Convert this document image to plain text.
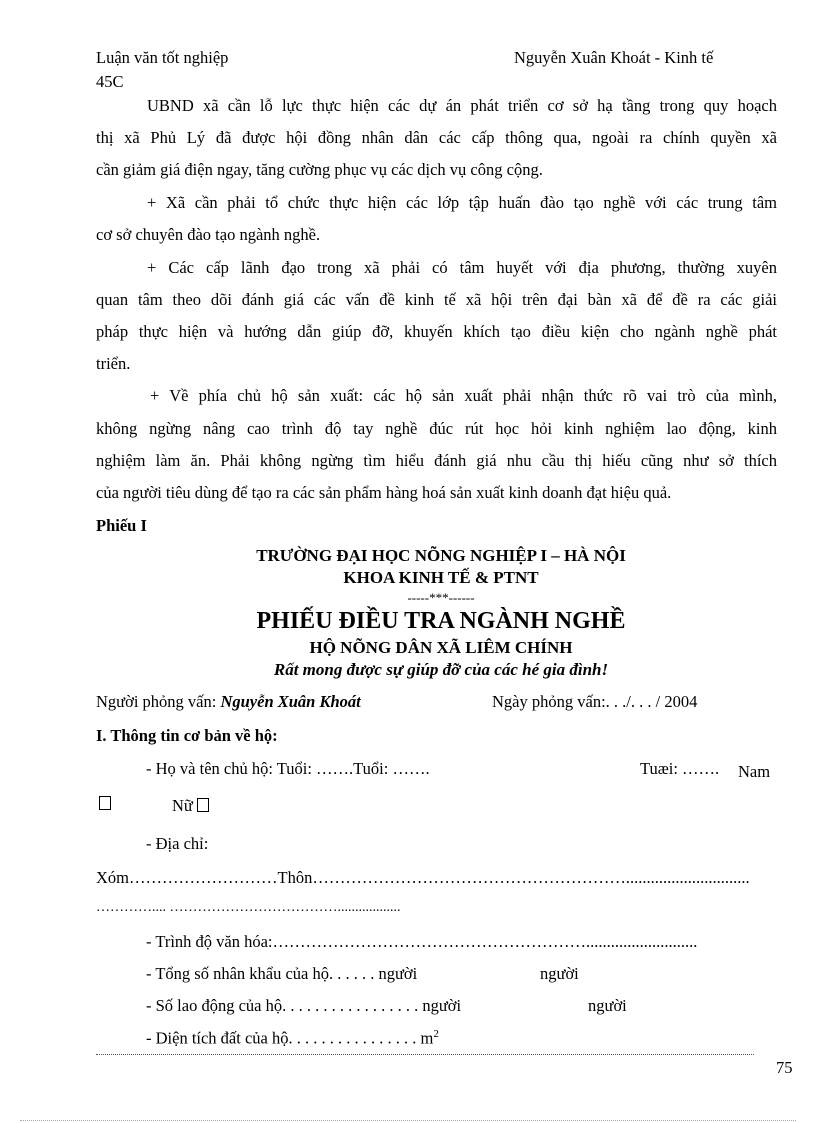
Luận văn tốt nghiệp	Nguyễn Xuân Khoát - Kinh tế
45C
UBND xã cần lỗ lực thực hiện các dự án phát triển cơ sở hạ tầng trong quy hoạch
thị xã Phủ Lý đã được hội đồng nhân dân các cấp thông qua, ngoài ra chính quyền xã
cần giảm giá điện ngay, tăng cường phục vụ các dịch vụ công cộng.
+ Xã cần phải tổ chức thực hiện các lớp tập huấn đào tạo nghề với các trung tâm
cơ sở chuyên đào tạo ngành nghề.
+ Các cấp lãnh đạo trong xã phải có tâm huyết với địa phương, thường xuyên
quan tâm theo dõi đánh giá các vấn đề kinh tế xã hội trên đại bàn xã để đề ra các giải
pháp thực hiện và hướng dẫn giúp đỡ, khuyến khích tạo điều kiện cho ngành nghề phát
triển.
+ Về phía chủ hộ sản xuất: các hộ sản xuất phải nhận thức rõ vai trò của mình,
không ngừng nâng cao trình độ tay nghề đúc rút học hỏi kinh nghiệm lao động, kinh
nghiệm làm ăn. Phải không ngừng tìm hiểu đánh giá nhu cầu thị hiếu cũng như sở thích
của người tiêu dùng để tạo ra các sản phẩm hàng hoá sản xuất kinh doanh đạt hiệu quả.
Phiếu I
TRƯỜNG ĐẠI HỌC NÕNG NGHIỆP I – HÀ NỘI
KHOA KINH TẾ & PTNT
-----***------
PHIẾU ĐIỀU TRA NGÀNH NGHỀ
HỘ NÕNG DÂN XÃ LIÊM CHÍNH
Rất mong được sự giúp đỡ của các hé gia đình!
Người phỏng vấn: Nguyễn Xuân Khoát	Ngày phỏng vấn:. . ./. . . / 2004
I. Thông tin cơ bản về hộ:
- Họ và tên chủ hộ: Tuổi: …….Tuổi: …….	Tuæi: ……. Nam
Nữ
- Địa chỉ:
Xóm………………………Thôn…………………………………………………..............................
………….... ………………………………..................
- Trình độ văn hóa:…………………………………………………...........................
- Tổng số nhân khẩu của hộ. . . . . . người	người
- Số lao động của hộ. . . . . . . . . . . . . . . . . người	người
- Diện tích đất của hộ. . . . . . . . . . . . . . . . $m^2$
75
